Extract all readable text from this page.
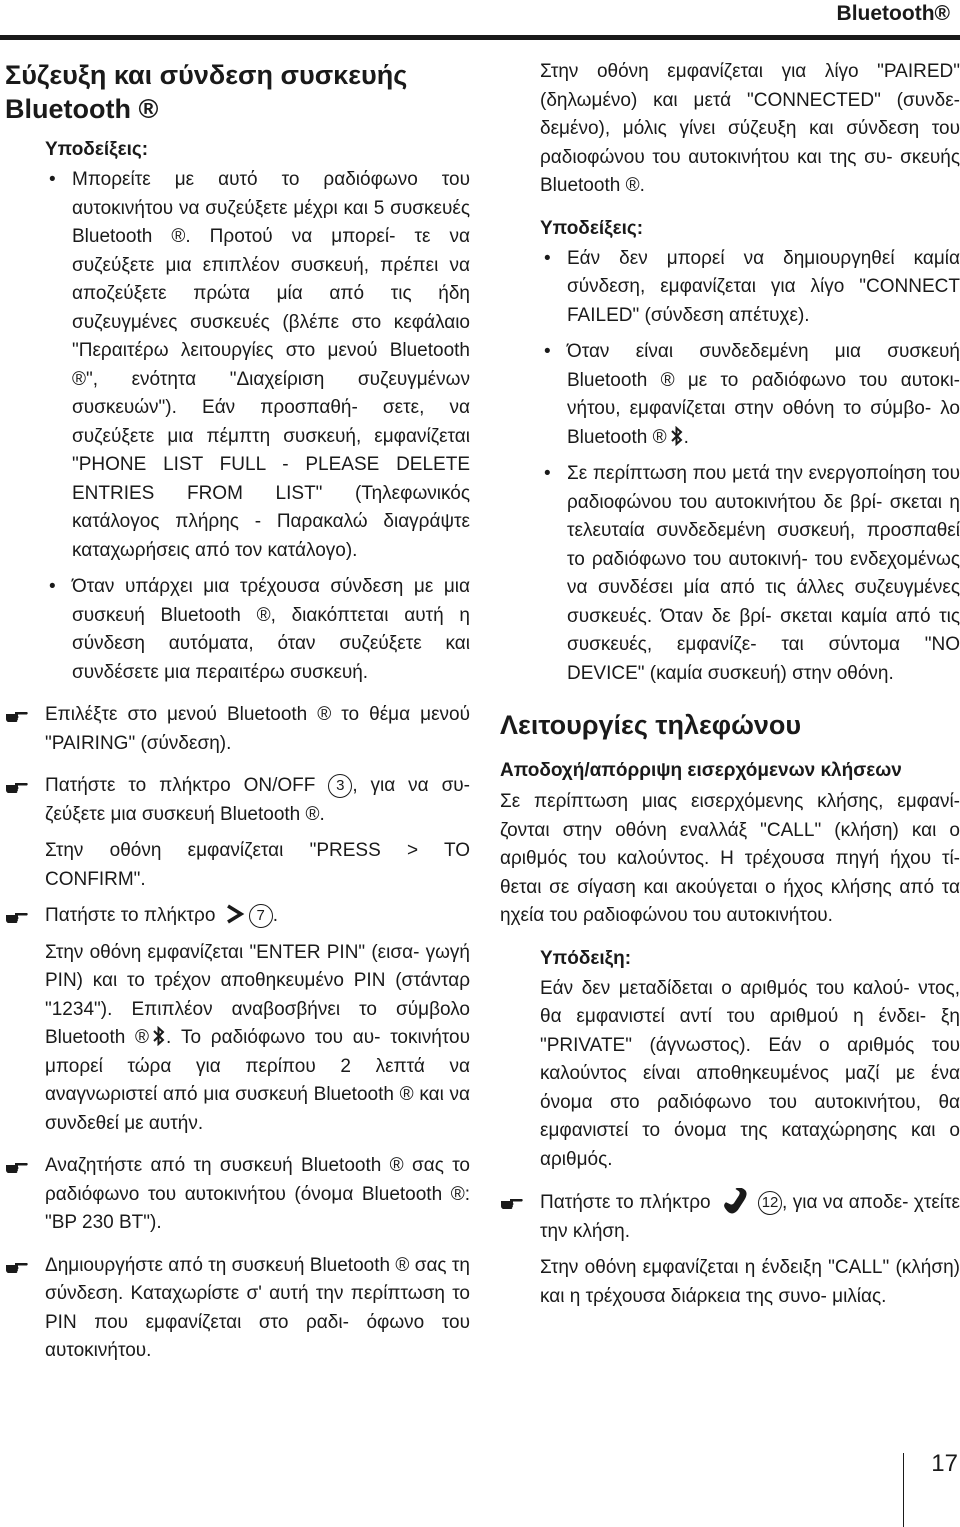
Bluetooth®
Σύζευξη και σύνδεση συσκευής
Bluetooth ®
Υποδείξεις:
• Μπορείτε με αυτό το ραδιόφωνο του αυτοκινήτου να συζεύξετε μέχρι και 5 συσκευές Bluetooth ®. Προτού να μπορεί- τε να συζεύξετε μια επιπλέον συσκευή, πρέπει να αποζεύξετε πρώτα μία από τις ήδη συζευγμένες συσκευές (βλέπε στο κεφάλαιο "Περαιτέρω λειτουργίες στο μενού Bluetooth ®", ενότητα "Διαχείριση συζευγμένων συσκευών"). Εάν προσπαθή- σετε, να συζεύξετε μια πέμπτη συσκευή, εμφανίζεται "PHONE LIST FULL - PLEASE DELETE ENTRIES FROM LIST" (Τηλεφωνικός κατάλογος πλήρης - Παρακαλώ διαγράψτε καταχωρήσεις από τον κατάλογο).
• Όταν υπάρχει μια τρέχουσα σύνδεση με μια συσκευή Bluetooth ®, διακόπτεται αυτή η σύνδεση αυτόματα, όταν συζεύξετε και συνδέσετε μια περαιτέρω συσκευή.
Επιλέξτε στο μενού Bluetooth ® το θέμα μενού "PAIRING" (σύνδεση).
Πατήστε το πλήκτρο ON/OFF 3 , για να συ- ζεύξετε μια συσκευή Bluetooth ®.

Στην οθόνη εμφανίζεται "PRESS > TO CONFIRM".

Πατήστε το πλήκτρο	7 .

Στην οθόνη εμφανίζεται "ENTER PIN" (εισα- γωγή PIN) και το τρέχον αποθηκευμένο PIN (στάνταρ "1234"). Επιπλέον αναβοσβήνει το σύμβολο Bluetooth ® . Το ραδιόφωνο του αυ- τοκινήτου μπορεί τώρα για περίπου 2 λεπτά να αναγνωριστεί από μια συσκευή Bluetooth ® και να συνδεθεί με αυτήν.

Αναζητήστε από τη συσκευή Bluetooth ® σας το ραδιόφωνο του αυτοκινήτου (όνομα Bluetooth ®: "BP 230 BT").
Δημιουργήστε από τη συσκευή Bluetooth ® σας τη σύνδεση. Καταχωρίστε σ' αυτή την περίπτωση το PIN που εμφανίζεται στο ραδι- όφωνο του αυτοκινήτου.

Στην οθόνη εμφανίζεται για λίγο "PAIRED" (δηλωμένο) και μετά "CONNECTED" (συνδε- δεμένο), μόλις γίνει σύζευξη και σύνδεση του ραδιοφώνου του αυτοκινήτου και της συ- σκευής Bluetooth ®.

Υποδείξεις:
• Εάν δεν μπορεί να δημιουργηθεί καμία σύνδεση, εμφανίζεται για λίγο "CONNECT FAILED" (σύνδεση απέτυχε).
• Όταν είναι συνδεδεμένη μια συσκευή Bluetooth ® με το ραδιόφωνο του αυτοκι- νήτου, εμφανίζεται στην οθόνη το σύμβο- λο Bluetooth ® .
• Σε περίπτωση που μετά την ενεργοποίηση του ραδιοφώνου του αυτοκινήτου δε βρί- σκεται η τελευταία συνδεδεμένη συσκευή, προσπαθεί το ραδιόφωνο του αυτοκινή- του ενδεχομένως να συνδέσει μία από τις άλλες συζευγμένες συσκευές. Όταν δε βρί- σκεται καμία από τις συσκευές, εμφανίζε- ται σύντομα "NO DEVICE" (καμία συσκευή) στην οθόνη.
Λειτουργίες τηλεφώνου
Αποδοχή/απόρριψη εισερχόμενων κλήσεων

Σε περίπτωση μιας εισερχόμενης κλήσης, εμφανί- ζονται στην οθόνη εναλλάξ "CALL" (κλήση) και ο αριθμός του καλούντος. Η τρέχουσα πηγή ήχου τί- θεται σε σίγαση και ακούγεται ο ήχος κλήσης από τα ηχεία του ραδιοφώνου του αυτοκινήτου.

Υπόδειξη:

Εάν δεν μεταδίδεται ο αριθμός του καλού- ντος, θα εμφανιστεί αντί του αριθμού η ένδει- ξη "PRIVATE" (άγνωστος). Εάν ο αριθμός του καλούντος είναι αποθηκευμένος μαζί με ένα όνομα στο ραδιόφωνο του αυτοκινήτου, θα εμφανιστεί το όνομα της καταχώρησης και ο αριθμός.

Πατήστε το πλήκτρο	12 , για να αποδε- χτείτε την κλήση.

Στην οθόνη εμφανίζεται η ένδειξη "CALL" (κλήση) και η τρέχουσα διάρκεια της συνο- μιλίας.

17
